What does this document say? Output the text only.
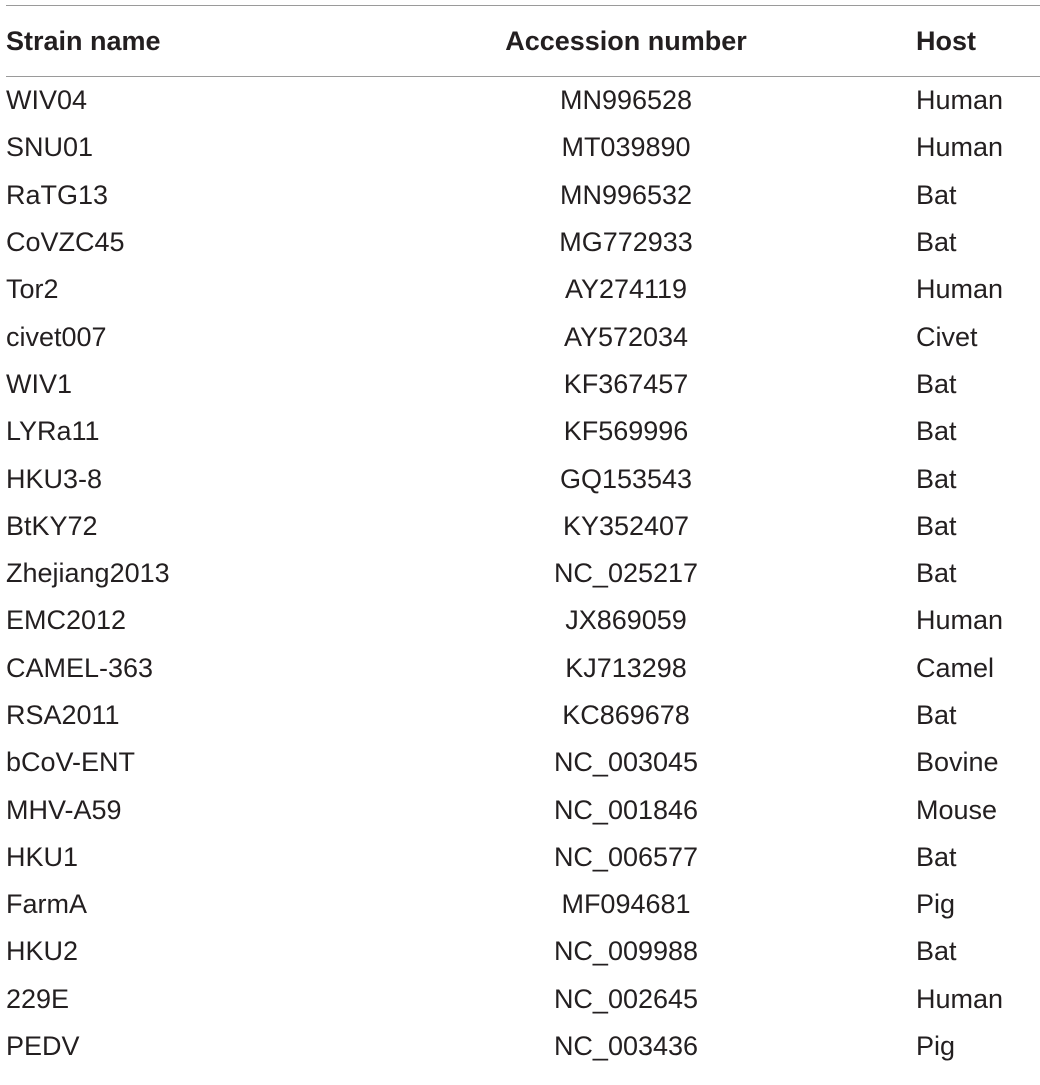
Strain name	Accession number	Host
WIV04	MN996528	Human
SNU01	MT039890	Human
RaTG13	MN996532	Bat
CoVZC45	MG772933	Bat
Tor2	AY274119	Human
civet007	AY572034	Civet
WIV1	KF367457	Bat
LYRa11	KF569996	Bat
HKU3-8	GQ153543	Bat
BtKY72	KY352407	Bat
Zhejiang2013	NC_025217	Bat
EMC2012	JX869059	Human
CAMEL-363	KJ713298	Camel
RSA2011	KC869678	Bat
bCoV-ENT	NC_003045	Bovine
MHV-A59	NC_001846	Mouse
HKU1	NC_006577	Bat
FarmA	MF094681	Pig
HKU2	NC_009988	Bat
229E	NC_002645	Human
PEDV	NC_003436	Pig
